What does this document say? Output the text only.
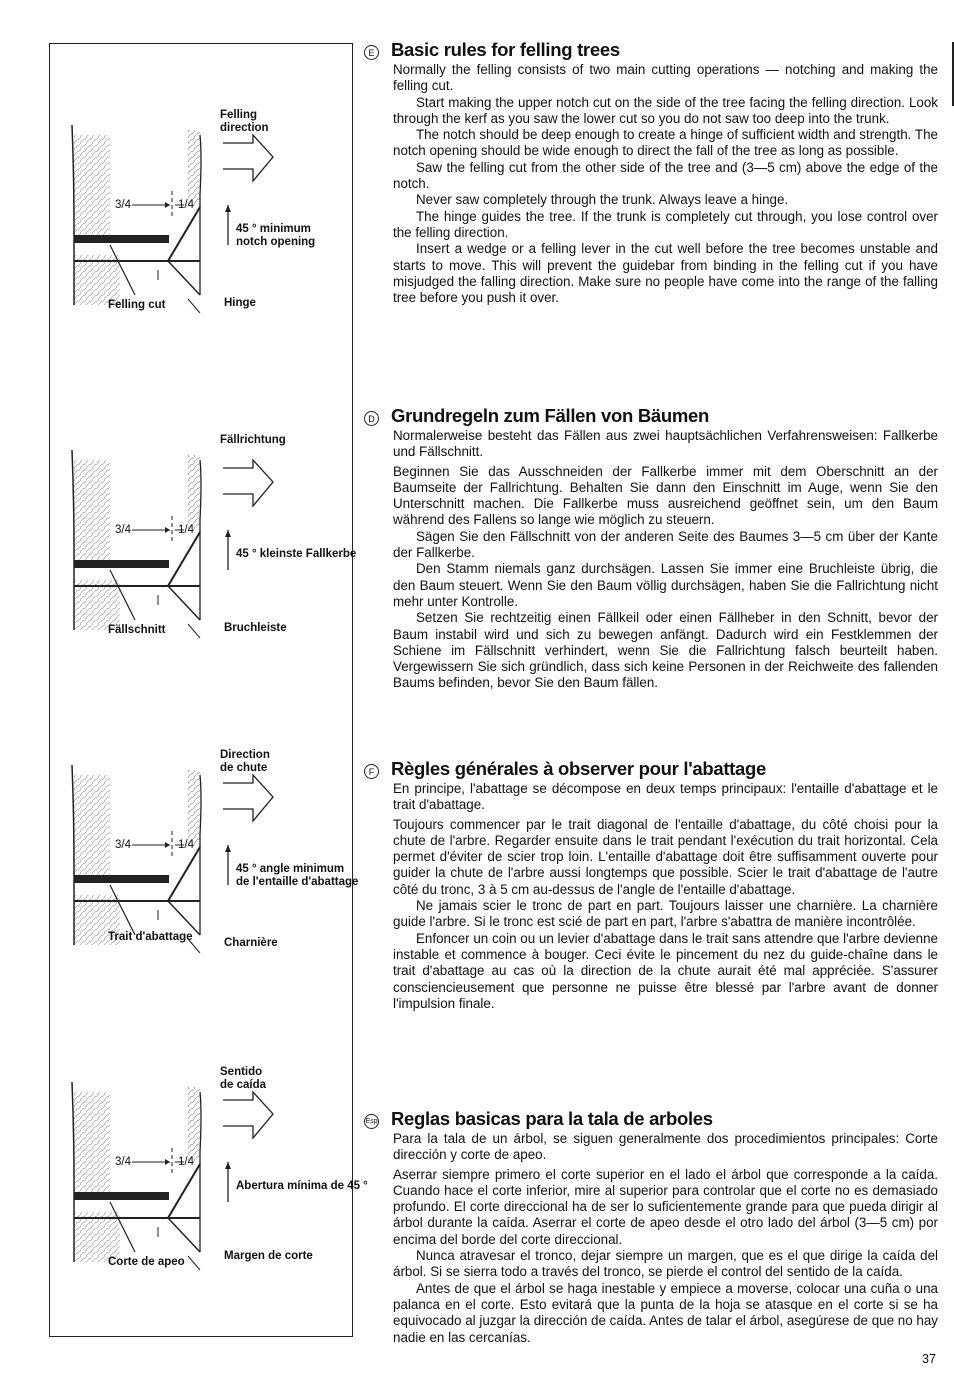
Felling
direction
3/4	1/4
45 ° minimum
notch opening
Felling cut	Hinge
Fällrichtung
3/4	1/4
45 ° kleinste Fallkerbe
Fällschnitt	Bruchleiste
Direction
de chute
3/4	1/4
45 ° angle minimum
de l'entaille d'abattage
Trait d'abattage	Charnière
Sentido
de caída
3/4	1/4
Abertura mínima de 45 °
Corte de apeo	Margen de corte
E Basic rules for felling trees

Normally the felling consists of two main cutting operations — notching and making the felling cut.

Start making the upper notch cut on the side of the tree facing the felling direction. Look through the kerf as you saw the lower cut so you do not saw too deep into the trunk.

The notch should be deep enough to create a hinge of sufficient width and strength. The notch opening should be wide enough to direct the fall of the tree as long as possible.

Saw the felling cut from the other side of the tree and (3—5 cm) above the edge of the notch.

Never saw completely through the trunk. Always leave a hinge.

The hinge guides the tree. If the trunk is completely cut through, you lose control over the felling direction.

Insert a wedge or a felling lever in the cut well before the tree becomes unstable and starts to move. This will prevent the guidebar from binding in the felling cut if you have misjudged the falling direction. Make sure no people have come into the range of the falling tree before you push it over.

D Grundregeln zum Fällen von Bäumen

Normalerweise besteht das Fällen aus zwei hauptsächlichen Verfahrensweisen: Fallkerbe und Fällschnitt.

Beginnen Sie das Ausschneiden der Fallkerbe immer mit dem Oberschnitt an der Baumseite der Fallrichtung. Behalten Sie dann den Einschnitt im Auge, wenn Sie den Unterschnitt machen. Die Fallkerbe muss ausreichend geöffnet sein, um den Baum während des Fallens so lange wie möglich zu steuern.

Sägen Sie den Fällschnitt von der anderen Seite des Baumes 3—5 cm über der Kante der Fallkerbe.

Den Stamm niemals ganz durchsägen. Lassen Sie immer eine Bruchleiste übrig, die den Baum steuert. Wenn Sie den Baum völlig durchsägen, haben Sie die Fallrichtung nicht mehr unter Kontrolle.

Setzen Sie rechtzeitig einen Fällkeil oder einen Fällheber in den Schnitt, bevor der Baum instabil wird und sich zu bewegen anfängt. Dadurch wird ein Festklemmen der Schiene im Fällschnitt verhindert, wenn Sie die Fallrichtung falsch beurteilt haben. Vergewissern Sie sich gründlich, dass sich keine Personen in der Reichweite des fallenden Baums befinden, bevor Sie den Baum fällen.

F Règles générales à observer pour l'abattage

En principe, l'abattage se décompose en deux temps principaux: l'entaille d'abattage et le trait d'abattage.

Toujours commencer par le trait diagonal de l'entaille d'abattage, du côté choisi pour la chute de l'arbre. Regarder ensuite dans le trait pendant l'exécution du trait horizontal. Cela permet d'éviter de scier trop loin. L'entaille d'abattage doit être suffisamment ouverte pour guider la chute de l'arbre aussi longtemps que possible. Scier le trait d'abattage de l'autre côté du tronc, 3 à 5 cm au-dessus de l'angle de l'entaille d'abattage.

Ne jamais scier le tronc de part en part. Toujours laisser une charnière. La charnière guide l'arbre. Si le tronc est scié de part en part, l'arbre s'abattra de manière incontrôlée.

Enfoncer un coin ou un levier d'abattage dans le trait sans attendre que l'arbre devienne instable et commence à bouger. Ceci évite le pincement du nez du guide-chaîne dans le trait d'abattage au cas où la direction de la chute aurait été mal appréciée. S'assurer consciencieusement que personne ne puisse être blessé par l'arbre avant de donner l'impulsion finale.

Esp Reglas basicas para la tala de arboles

Para la tala de un árbol, se siguen generalmente dos procedimientos principales: Corte dirección y corte de apeo.

Aserrar siempre primero el corte superior en el lado el árbol que corresponde a la caída. Cuando hace el corte inferior, mire al superior para controlar que el corte no es demasiado profundo. El corte direccional ha de ser lo suficientemente grande para que pueda dirigir al árbol durante la caída. Aserrar el corte de apeo desde el otro lado del árbol (3—5 cm) por encima del borde del corte direccional.

Nunca atravesar el tronco, dejar siempre un margen, que es el que dirige la caída del árbol. Si se sierra todo a través del tronco, se pierde el control del sentido de la caída.

Antes de que el árbol se haga inestable y empiece a moverse, colocar una cuña o una palanca en el corte. Esto evitará que la punta de la hoja se atasque en el corte si se ha equivocado al juzgar la dirección de caída. Antes de talar el árbol, asegúrese de que no hay nadie en las cercanías.

37
